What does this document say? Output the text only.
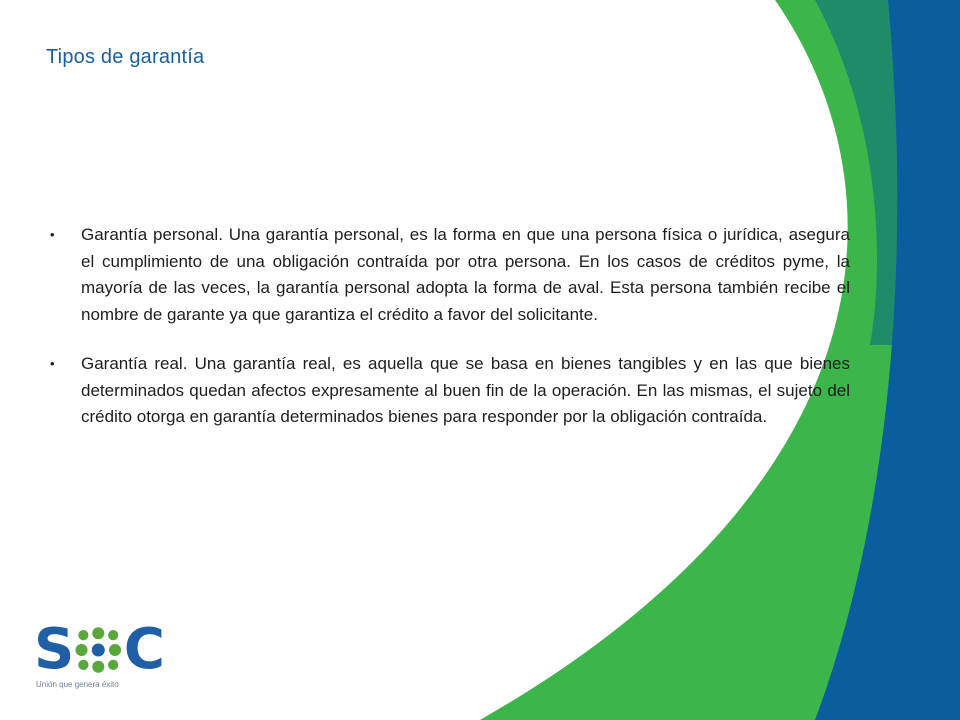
Tipos de garantía
•	Garantía personal. Una garantía personal, es la forma en que una persona física o jurídica, asegura el cumplimiento de una obligación contraída por otra persona. En los casos de créditos pyme, la mayoría de las veces, la garantía personal adopta la forma de aval. Esta persona también recibe el nombre de garante ya que garantiza el crédito a favor del solicitante.
•	Garantía real. Una garantía real, es aquella que se basa en bienes tangibles y en las que bienes determinados quedan afectos expresamente al buen fin de la operación. En las mismas, el sujeto del crédito otorga en garantía determinados bienes para responder por la obligación contraída.
S C
Unión que genera éxito
